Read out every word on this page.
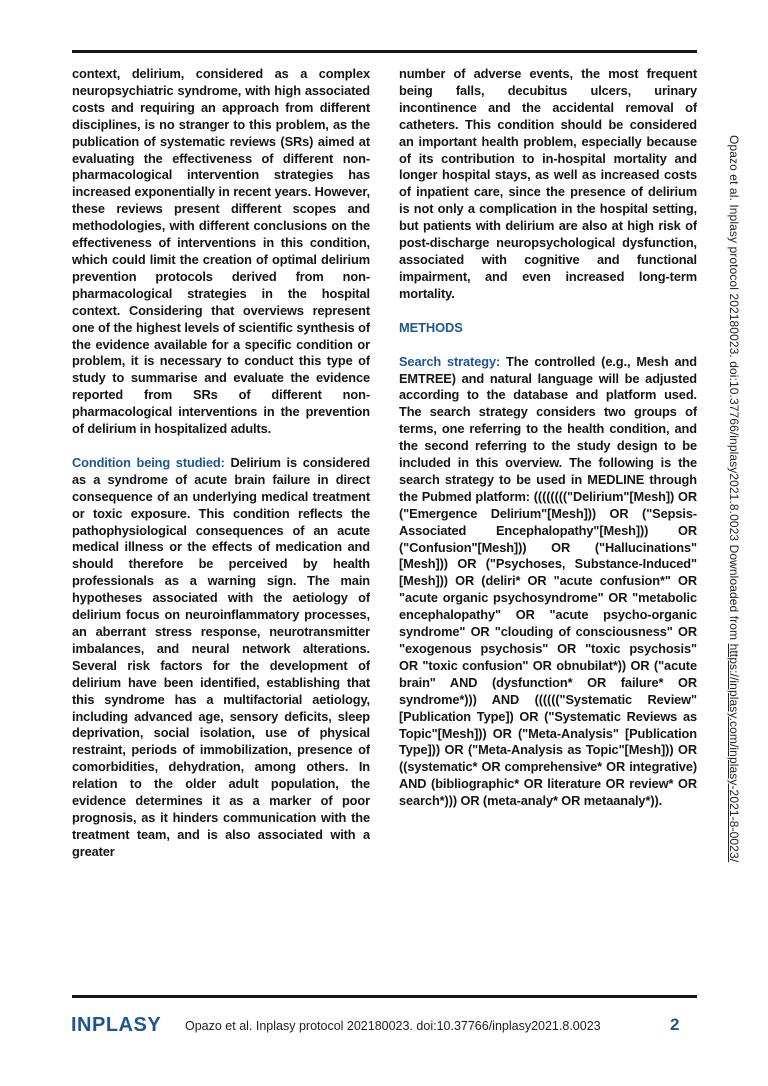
context, delirium, considered as a complex neuropsychiatric syndrome, with high associated costs and requiring an approach from different disciplines, is no stranger to this problem, as the publication of systematic reviews (SRs) aimed at evaluating the effectiveness of different non-pharmacological intervention strategies has increased exponentially in recent years. However, these reviews present different scopes and methodologies, with different conclusions on the effectiveness of interventions in this condition, which could limit the creation of optimal delirium prevention protocols derived from non-pharmacological strategies in the hospital context. Considering that overviews represent one of the highest levels of scientific synthesis of the evidence available for a specific condition or problem, it is necessary to conduct this type of study to summarise and evaluate the evidence reported from SRs of different non-pharmacological interventions in the prevention of delirium in hospitalized adults.

Condition being studied: Delirium is considered as a syndrome of acute brain failure in direct consequence of an underlying medical treatment or toxic exposure. This condition reflects the pathophysiological consequences of an acute medical illness or the effects of medication and should therefore be perceived by health professionals as a warning sign. The main hypotheses associated with the aetiology of delirium focus on neuroinflammatory processes, an aberrant stress response, neurotransmitter imbalances, and neural network alterations. Several risk factors for the development of delirium have been identified, establishing that this syndrome has a multifactorial aetiology, including advanced age, sensory deficits, sleep deprivation, social isolation, use of physical restraint, periods of immobilization, presence of comorbidities, dehydration, among others. In relation to the older adult population, the evidence determines it as a marker of poor prognosis, as it hinders communication with the treatment team, and is also associated with a greater

number of adverse events, the most frequent being falls, decubitus ulcers, urinary incontinence and the accidental removal of catheters. This condition should be considered an important health problem, especially because of its contribution to in-hospital mortality and longer hospital stays, as well as increased costs of inpatient care, since the presence of delirium is not only a complication in the hospital setting, but patients with delirium are also at high risk of post-discharge neuropsychological dysfunction, associated with cognitive and functional impairment, and even increased long-term mortality.

METHODS

Search strategy: The controlled (e.g., Mesh and EMTREE) and natural language will be adjusted according to the database and platform used. The search strategy considers two groups of terms, one referring to the health condition, and the second referring to the study design to be included in this overview. The following is the search strategy to be used in MEDLINE through the Pubmed platform: (((((((("Delirium"[Mesh]) OR ("Emergence Delirium"[Mesh])) OR ("Sepsis-Associated Encephalopathy"[Mesh])) OR ("Confusion"[Mesh])) OR ("Hallucinations"[Mesh])) OR ("Psychoses, Substance-Induced"[Mesh])) OR (deliri* OR "acute confusion*" OR "acute organic psychosyndrome" OR "metabolic encephalopathy" OR "acute psycho-organic syndrome" OR "clouding of consciousness" OR "exogenous psychosis" OR "toxic psychosis" OR "toxic confusion" OR obnubilat*)) OR ("acute brain" AND (dysfunction* OR failure* OR syndrome*))) AND (((((("Systematic Review" [Publication Type]) OR ("Systematic Reviews as Topic"[Mesh])) OR ("Meta-Analysis" [Publication Type])) OR ("Meta-Analysis as Topic"[Mesh])) OR ((systematic* OR comprehensive* OR integrative) AND (bibliographic* OR literature OR review* OR search*))) OR (meta-analy* OR metaanaly*)).

Opazo et al. Inplasy protocol 202180023. doi:10.37766/inplasy2021.8.0023 Downloaded from https://inplasy.com/inplasy-2021-8-0023/
INPLASY Opazo et al. Inplasy protocol 202180023. doi:10.37766/inplasy2021.8.0023	2
